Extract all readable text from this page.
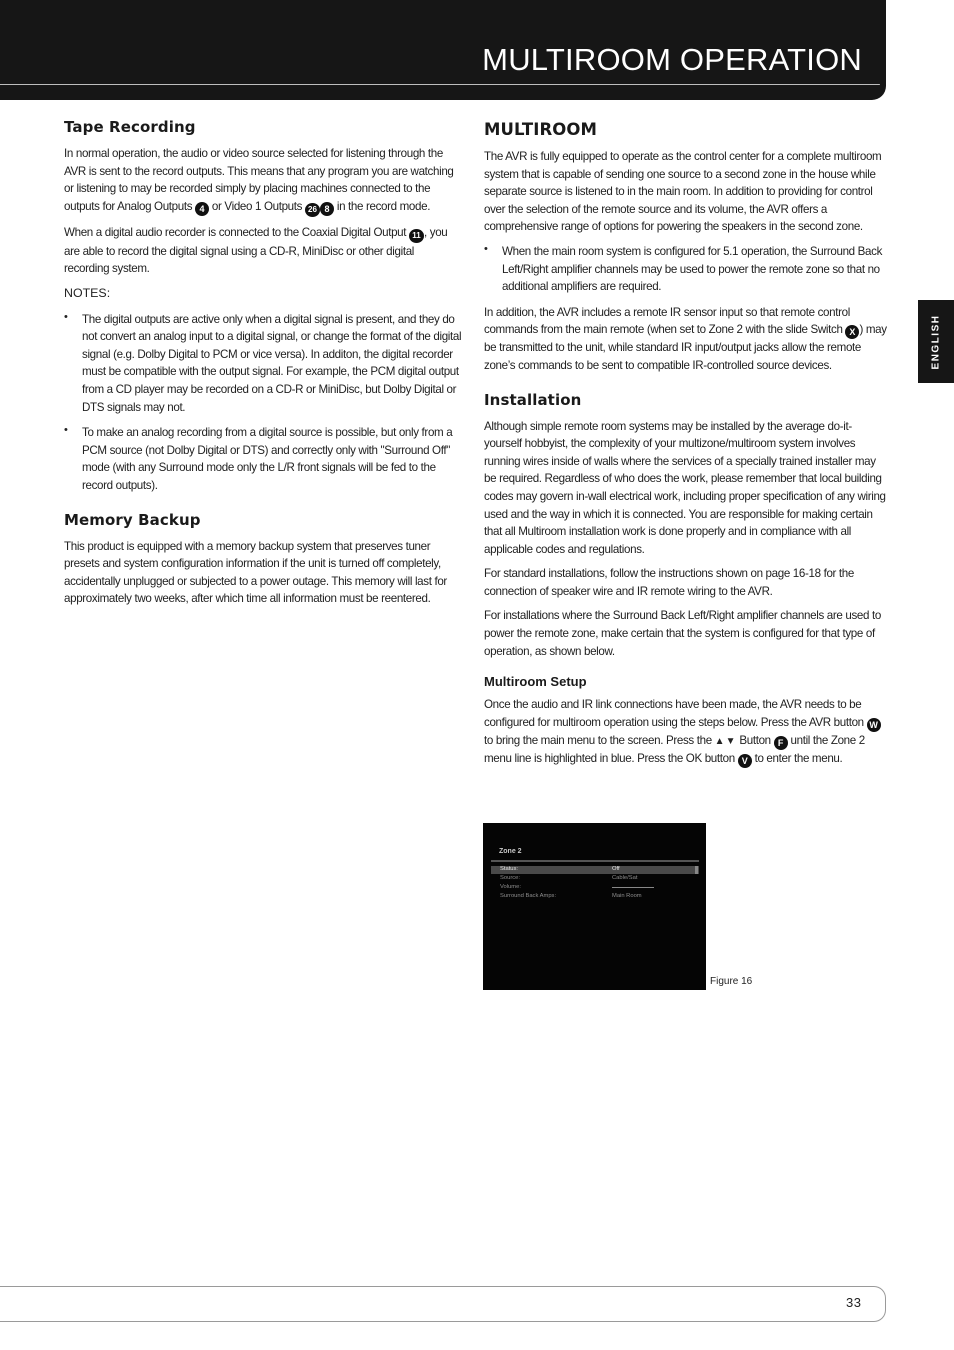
MULTIROOM OPERATION
ENGLISH
Tape Recording

In normal operation, the audio or video source selected for listening through the AVR is sent to the record outputs. This means that any program you are watching or listening to may be recorded simply by placing machines connected to the outputs for Analog Outputs 4 or Video 1 Outputs 26 8 in the record mode.

When a digital audio recorder is connected to the Coaxial Digital Output 11 , you are able to record the digital signal using a CD-R, MiniDisc or other digital recording system.

NOTES:

• The digital outputs are active only when a digital signal is present, and they do not convert an analog input to a digital signal, or change the format of the digital signal (e.g. Dolby Digital to PCM or vice versa). In additon, the digital recorder must be compatible with the output signal. For example, the PCM digital output from a CD player may be recorded on a CD-R or MiniDisc, but Dolby Digital or DTS signals may not.

• To make an analog recording from a digital source is possible, but only from a PCM source (not Dolby Digital or DTS) and correctly only with "Surround Off" mode (with any Surround mode only the L/R front signals will be fed to the record outputs).

Memory Backup

This product is equipped with a memory backup system that preserves tuner presets and system configuration information if the unit is turned off completely, accidentally unplugged or subjected to a power outage. This memory will last for approximately two weeks, after which time all information must be reentered.

MULTIROOM

The AVR is fully equipped to operate as the control center for a complete multiroom system that is capable of sending one source to a second zone in the house while separate source is listened to in the main room. In addition to providing for control over the selection of the remote source and its volume, the AVR offers a comprehensive range of options for powering the speakers in the second zone.

• When the main room system is configured for 5.1 operation, the Surround Back Left/Right amplifier channels may be used to power the remote zone so that no additional amplifiers are required.

In addition, the AVR includes a remote IR sensor input so that remote control commands from the main remote (when set to Zone 2 with the slide Switch X ) may be transmitted to the unit, while standard IR input/output jacks allow the remote zone’s commands to be sent to compatible IR-controlled source devices.

Installation

Although simple remote room systems may be installed by the average do-it-yourself hobbyist, the complexity of your multizone/multiroom system involves running wires inside of walls where the services of a specially trained installer may be required. Regardless of who does the work, please remember that local building codes may govern in-wall electrical work, including proper specification of any wiring used and the way in which it is connected. You are responsible for making certain that all Multiroom installation work is done properly and in compliance with all applicable codes and regulations.

For standard installations, follow the instructions shown on page 16-18 for the connection of speaker wire and IR remote wiring to the AVR.

For installations where the Surround Back Left/Right amplifier channels are used to power the remote zone, make certain that the system is configured for that type of operation, as shown below.

Multiroom Setup

Once the audio and IR link connections have been made, the AVR needs to be configured for multiroom operation using the steps below. Press the AVR button W to bring the main menu to the screen. Press the ▲▼ Button F until the Zone 2 menu line is highlighted in blue. Press the OK button V to enter the menu.

Zone 2
Status:	Off
Source:	Cable/Sat
Volume:
Surround Back Amps:	Main Room
Figure 16
33
